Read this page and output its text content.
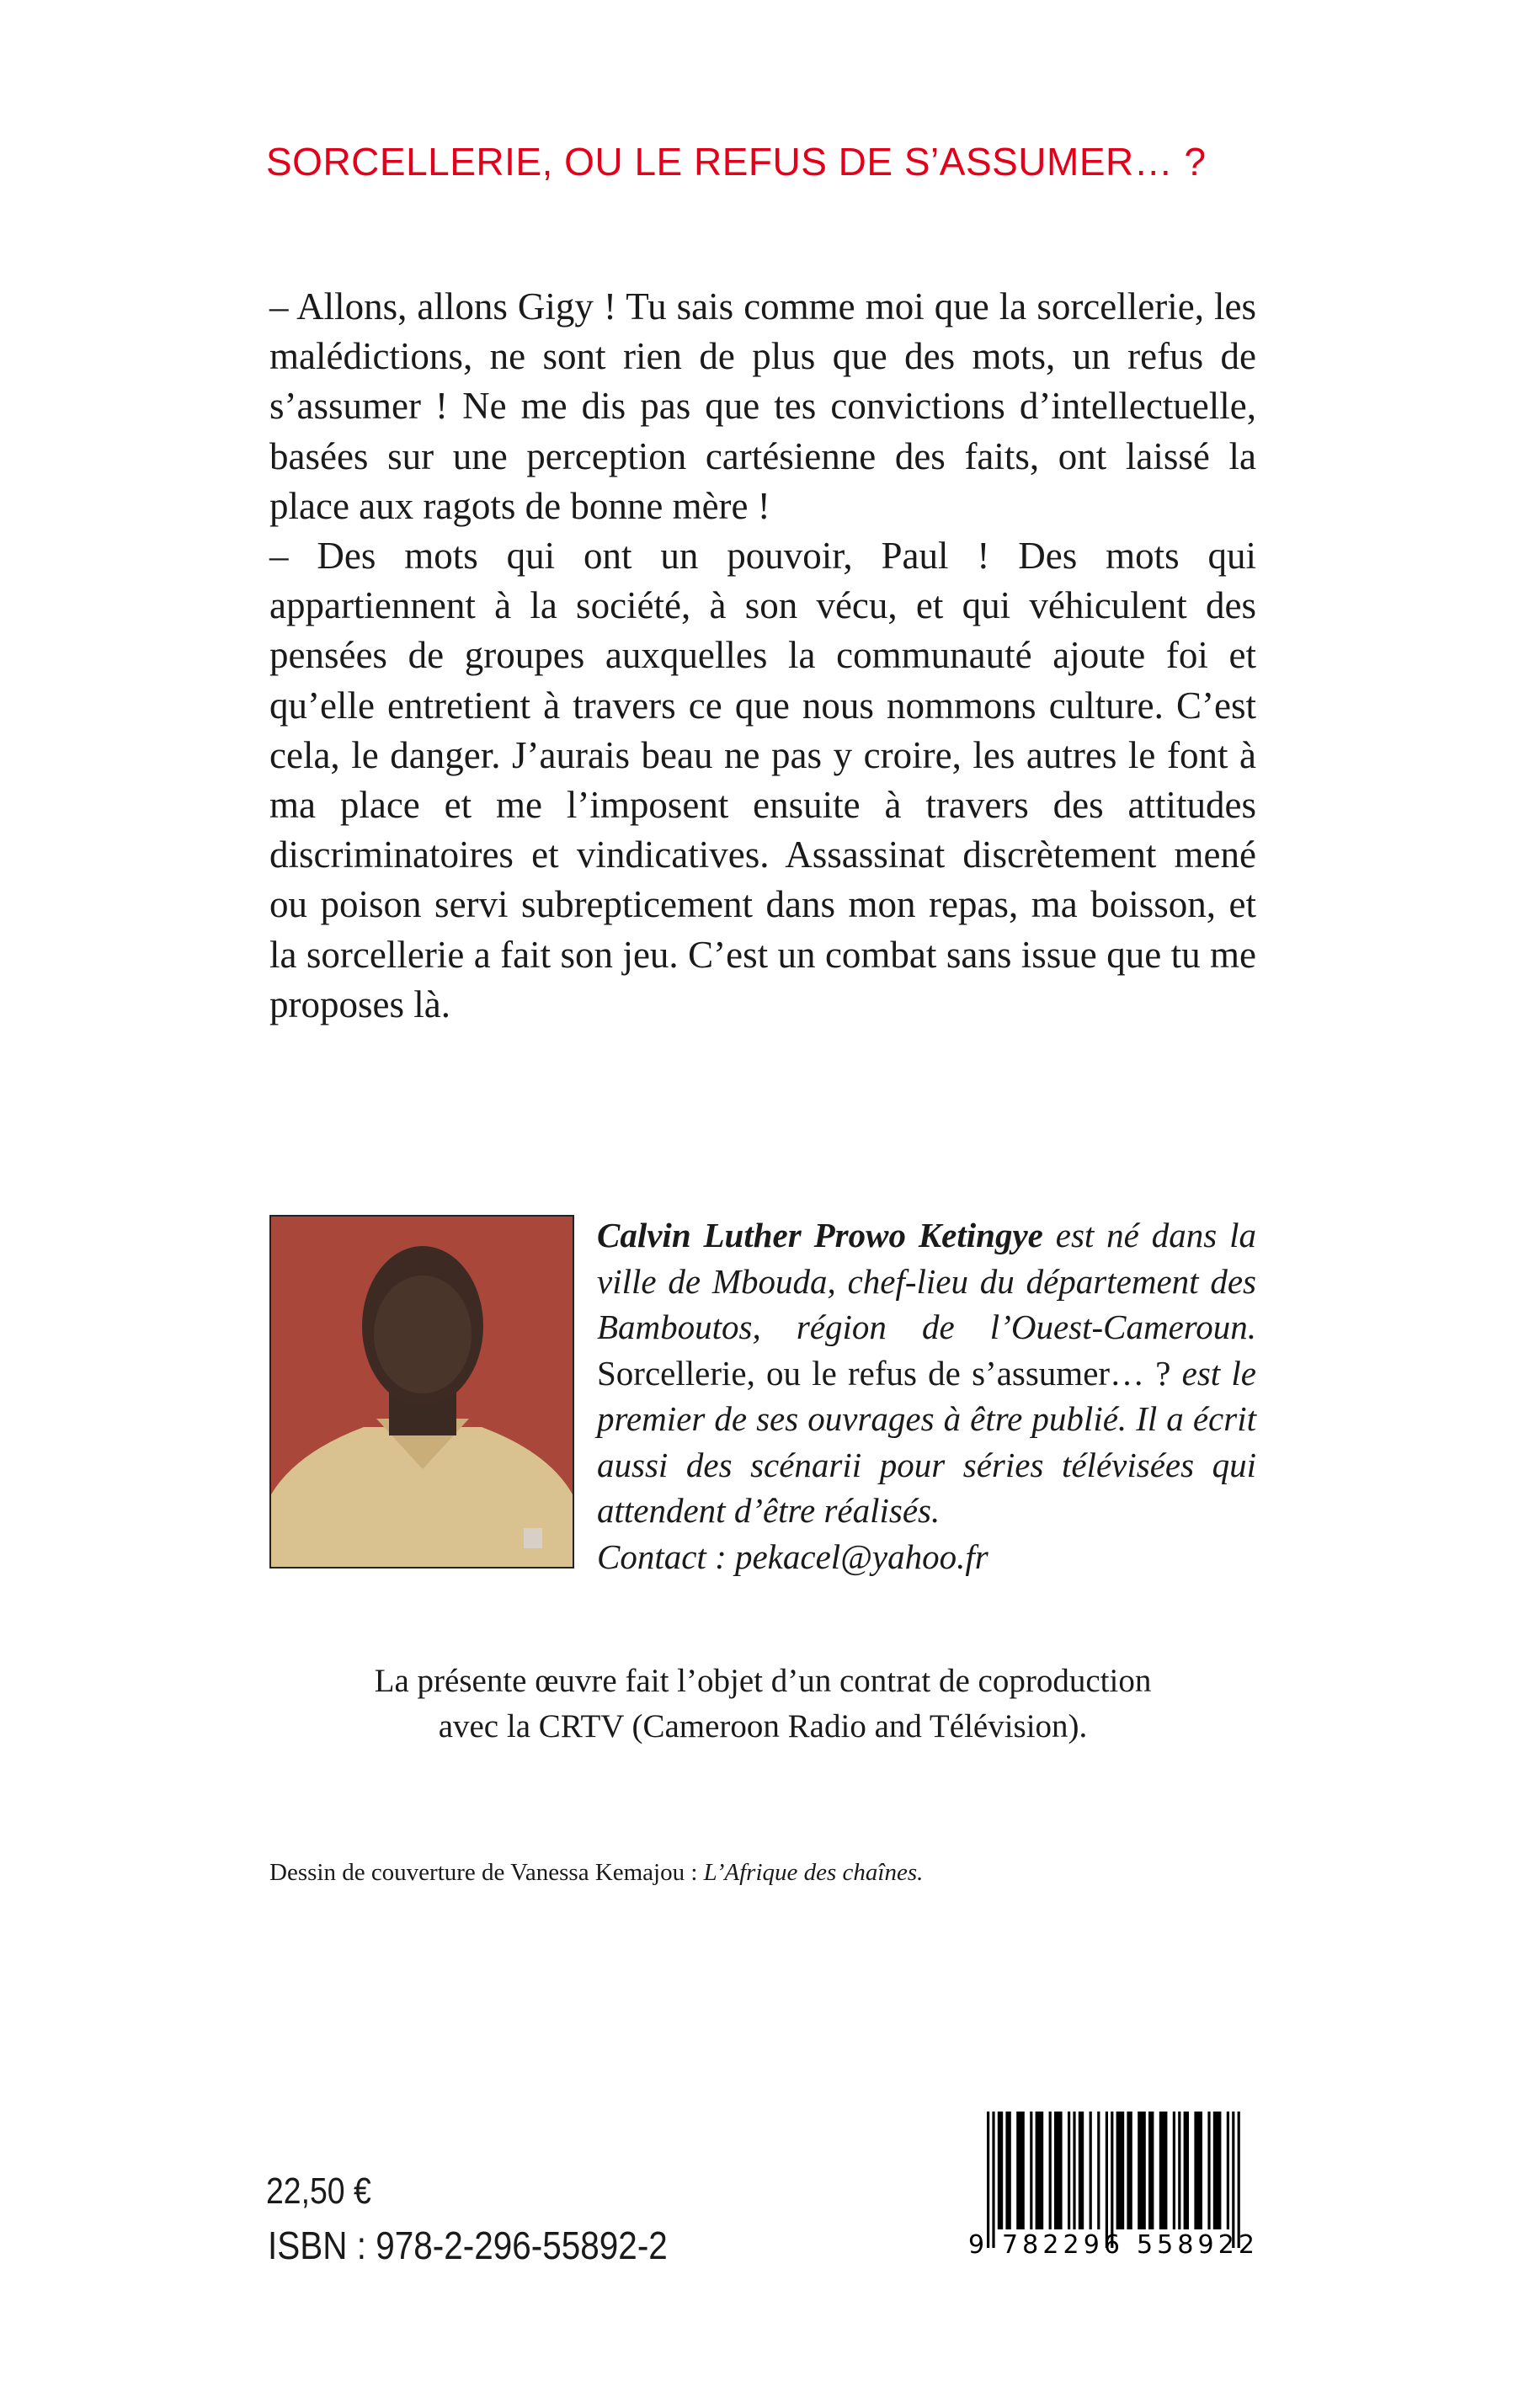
SORCELLERIE, OU LE REFUS DE S’ASSUMER… ?

– Allons, allons Gigy ! Tu sais comme moi que la sorcellerie, les malédictions, ne sont rien de plus que des mots, un refus de s’assumer ! Ne me dis pas que tes convictions d’intellectuelle, basées sur une perception cartésienne des faits, ont laissé la place aux ragots de bonne mère !

– Des mots qui ont un pouvoir, Paul ! Des mots qui appartiennent à la société, à son vécu, et qui véhiculent des pensées de groupes auxquelles la communauté ajoute foi et qu’elle entretient à travers ce que nous nommons culture. C’est cela, le danger. J’aurais beau ne pas y croire, les autres le font à ma place et me l’imposent ensuite à travers des attitudes discriminatoires et vindicatives. Assassinat discrètement mené ou poison servi subrepticement dans mon repas, ma boisson, et la sorcellerie a fait son jeu. C’est un combat sans issue que tu me proposes là.

Calvin Luther Prowo Ketingye est né dans la ville de Mbouda, chef-lieu du département des Bamboutos, région de l’Ouest-Cameroun. Sorcellerie, ou le refus de s’assumer… ? est le premier de ses ouvrages à être publié. Il a écrit aussi des scénarii pour séries télévisées qui attendent d’être réalisés.
Contact : pekacel@yahoo.fr
La présente œuvre fait l’objet d’un contrat de coproduction
avec la CRTV (Cameroon Radio and Télévision).
Dessin de couverture de Vanessa Kemajou : L’Afrique des chaînes.
22,50 €
ISBN : 978-2-296-55892-2	9 782296 558922
